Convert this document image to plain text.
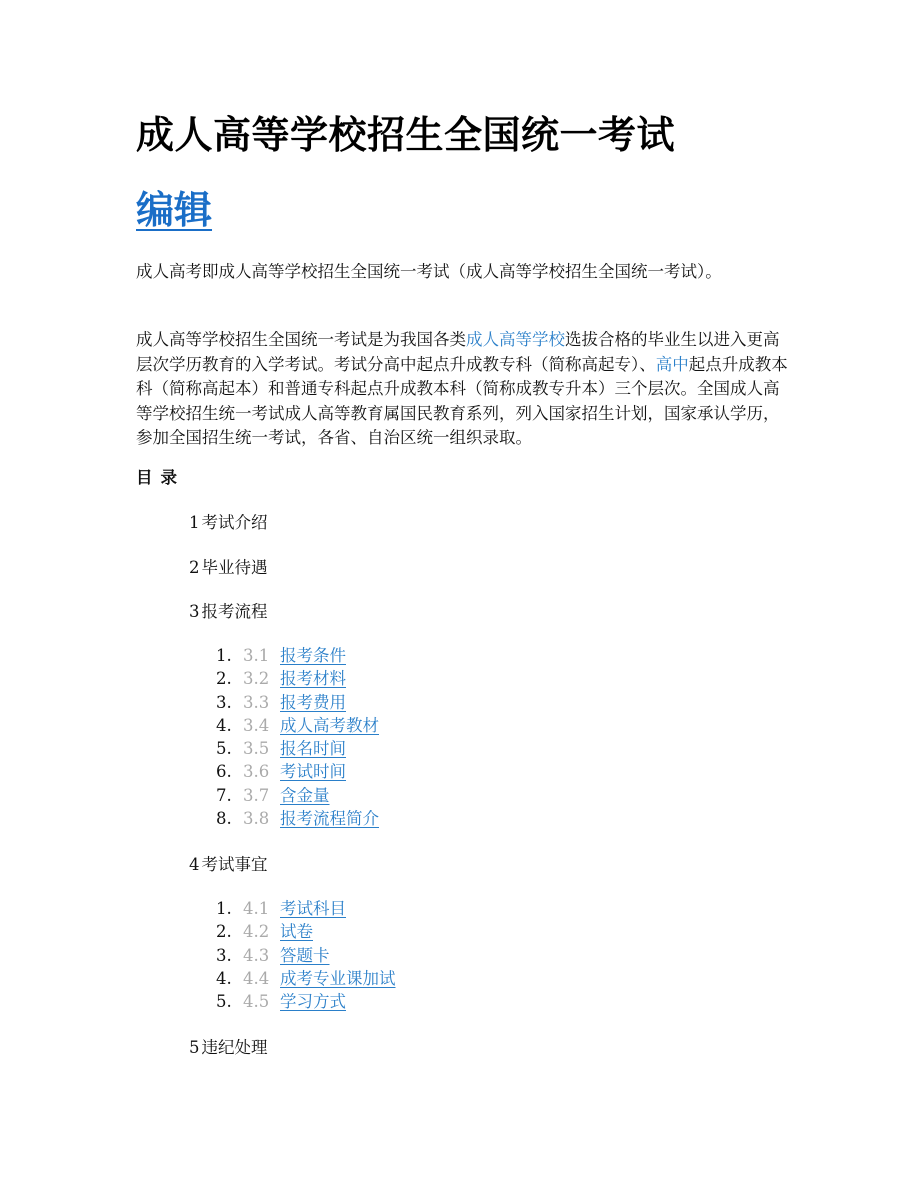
成人高等学校招生全国统一考试
编辑

成人高考即成人高等学校招生全国统一考试（成人高等学校招生全国统一考试）。

成人高等学校招生全国统一考试是为我国各类成人高等学校选拔合格的毕业生以进入更高层次学历教育的入学考试。考试分高中起点升成教专科（简称高起专）、高中起点升成教本科（简称高起本）和普通专科起点升成教本科（简称成教专升本）三个层次。全国成人高等学校招生统一考试成人高等教育属国民教育系列，列入国家招生计划，国家承认学历，参加全国招生统一考试，各省、自治区统一组织录取。

目录

1 考试介绍

2 毕业待遇

3 报考流程

1. 3.1 报考条件
2. 3.2 报考材料
3. 3.3 报考费用
4. 3.4 成人高考教材
5. 3.5 报名时间
6. 3.6 考试时间
7. 3.7 含金量
8. 3.8 报考流程简介

4 考试事宜

1. 4.1 考试科目
2. 4.2 试卷
3. 4.3 答题卡
4. 4.4 成考专业课加试
5. 4.5 学习方式

5 违纪处理
